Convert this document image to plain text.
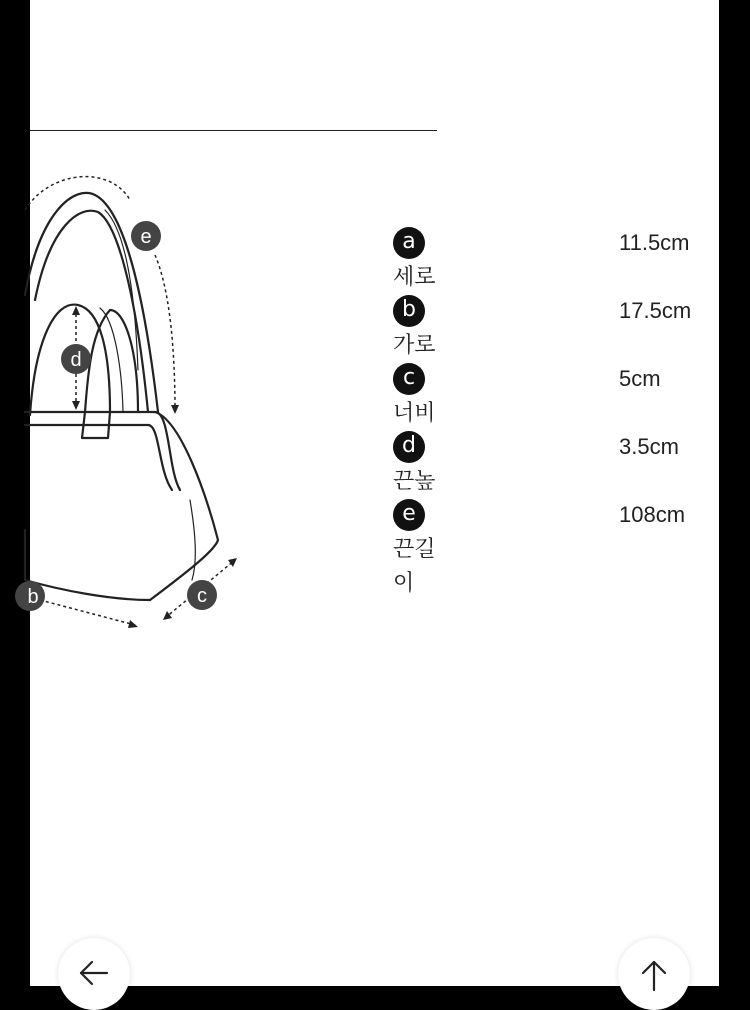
e
d
b	c
a
세로
11.5cm
b
가로
17.5cm
c
너비
5cm
d
끈높
3.5cm
e
끈길이
108cm
